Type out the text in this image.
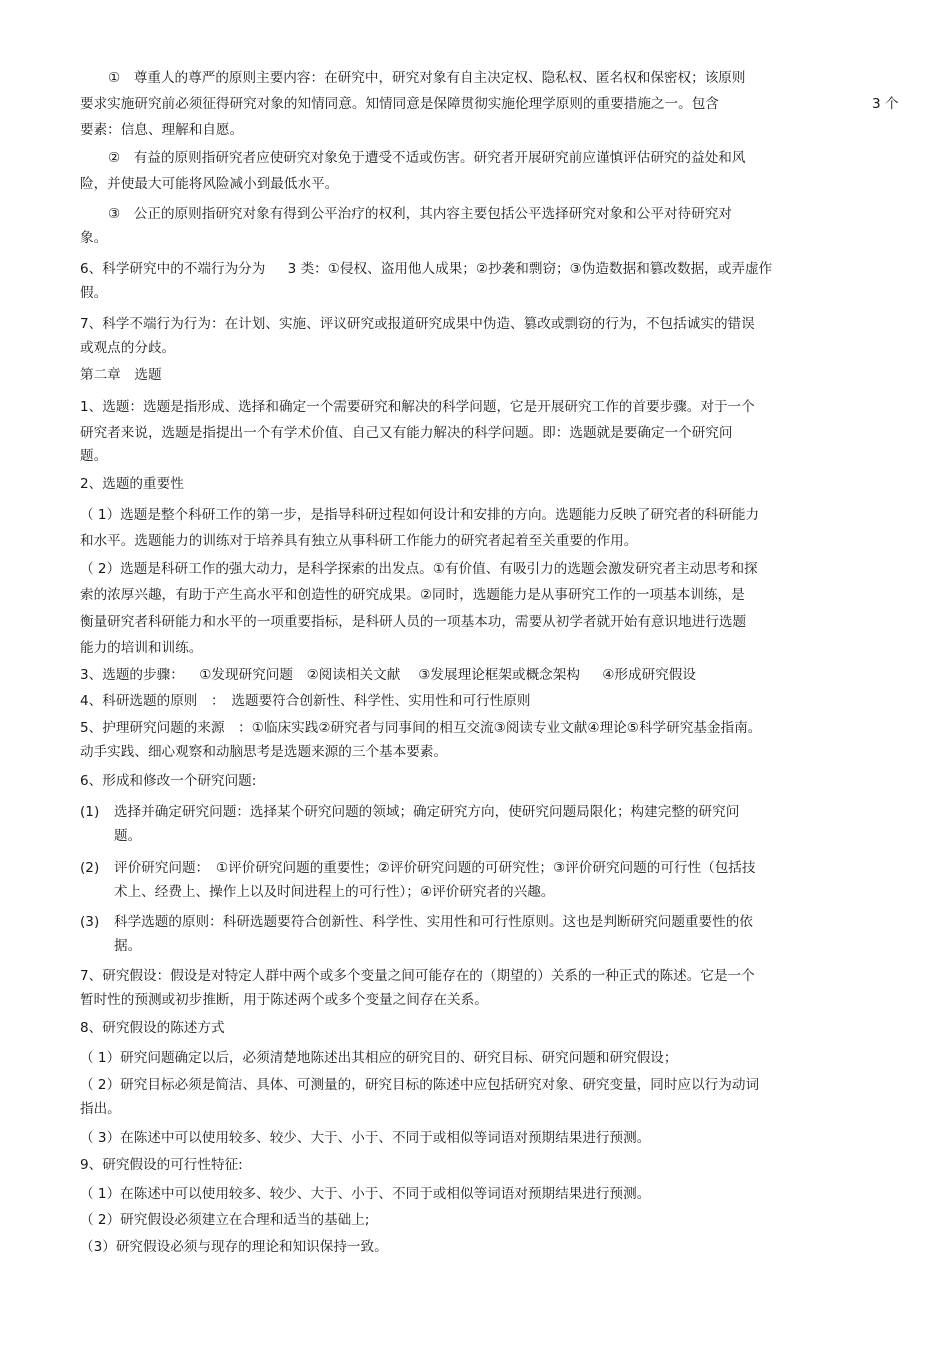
①　尊重人的尊严的原则主要内容：在研究中，研究对象有自主决定权、隐私权、匿名权和保密权；该原则
要求实施研究前必须征得研究对象的知情同意。知情同意是保障贯彻实施伦理学原则的重要措施之一。包含	3 个
要素：信息、理解和自愿。
②　有益的原则指研究者应使研究对象免于遭受不适或伤害。研究者开展研究前应谨慎评估研究的益处和风
险，并使最大可能将风险减小到最低水平。
③　公正的原则指研究对象有得到公平治疗的权利，其内容主要包括公平选择研究对象和公平对待研究对
象。
6、科学研究中的不端行为分为　  3 类：①侵权、盗用他人成果；②抄袭和剽窃；③伪造数据和篡改数据，或弄虚作
假。
7、科学不端行为行为：在计划、实施、评议研究或报道研究成果中伪造、篡改或剽窃的行为，不包括诚实的错误
或观点的分歧。
第二章　选题
1、选题：选题是指形成、选择和确定一个需要研究和解决的科学问题，它是开展研究工作的首要步骤。对于一个
研究者来说，选题是指提出一个有学术价值、自己又有能力解决的科学问题。即：选题就是要确定一个研究问
题。
2、选题的重要性
（ 1）选题是整个科研工作的第一步，是指导科研过程如何设计和安排的方向。选题能力反映了研究者的科研能力
和水平。选题能力的训练对于培养具有独立从事科研工作能力的研究者起着至关重要的作用。
（ 2）选题是科研工作的强大动力，是科学探索的出发点。①有价值、有吸引力的选题会激发研究者主动思考和探
索的浓厚兴趣，有助于产生高水平和创造性的研究成果。②同时，选题能力是从事研究工作的一项基本训练，是
衡量研究者科研能力和水平的一项重要指标，是科研人员的一项基本功，需要从初学者就开始有意识地进行选题
能力的培训和训练。
3、选题的步骤：　  ①发现研究问题　②阅读相关文献　 ③发展理论框架或概念架构　  ④形成研究假设
4、科研选题的原则　：　选题要符合创新性、科学性、实用性和可行性原则
5、护理研究问题的来源　：①临床实践②研究者与同事间的相互交流③阅读专业文献④理论⑤科学研究基金指南。
动手实践、细心观察和动脑思考是选题来源的三个基本要素。
6、形成和修改一个研究问题:
(1) 选择并确定研究问题：选择某个研究问题的领域；确定研究方向，使研究问题局限化；构建完整的研究问
题。
(2) 评价研究问题：　①评价研究问题的重要性；②评价研究问题的可研究性；③评价研究问题的可行性（包括技
术上、经费上、操作上以及时间进程上的可行性）；④评价研究者的兴趣。
(3) 科学选题的原则：科研选题要符合创新性、科学性、实用性和可行性原则。这也是判断研究问题重要性的依
据。
7、研究假设：假设是对特定人群中两个或多个变量之间可能存在的（期望的）关系的一种正式的陈述。它是一个
暂时性的预测或初步推断，用于陈述两个或多个变量之间存在关系。
8、研究假设的陈述方式
（ 1）研究问题确定以后，必须清楚地陈述出其相应的研究目的、研究目标、研究问题和研究假设；
（ 2）研究目标必须是简洁、具体、可测量的，研究目标的陈述中应包括研究对象、研究变量，同时应以行为动词
指出。
（ 3）在陈述中可以使用较多、较少、大于、小于、不同于或相似等词语对预期结果进行预测。
9、研究假设的可行性特征:
（ 1）在陈述中可以使用较多、较少、大于、小于、不同于或相似等词语对预期结果进行预测。
（ 2）研究假设必须建立在合理和适当的基础上;
（3）研究假设必须与现存的理论和知识保持一致。
